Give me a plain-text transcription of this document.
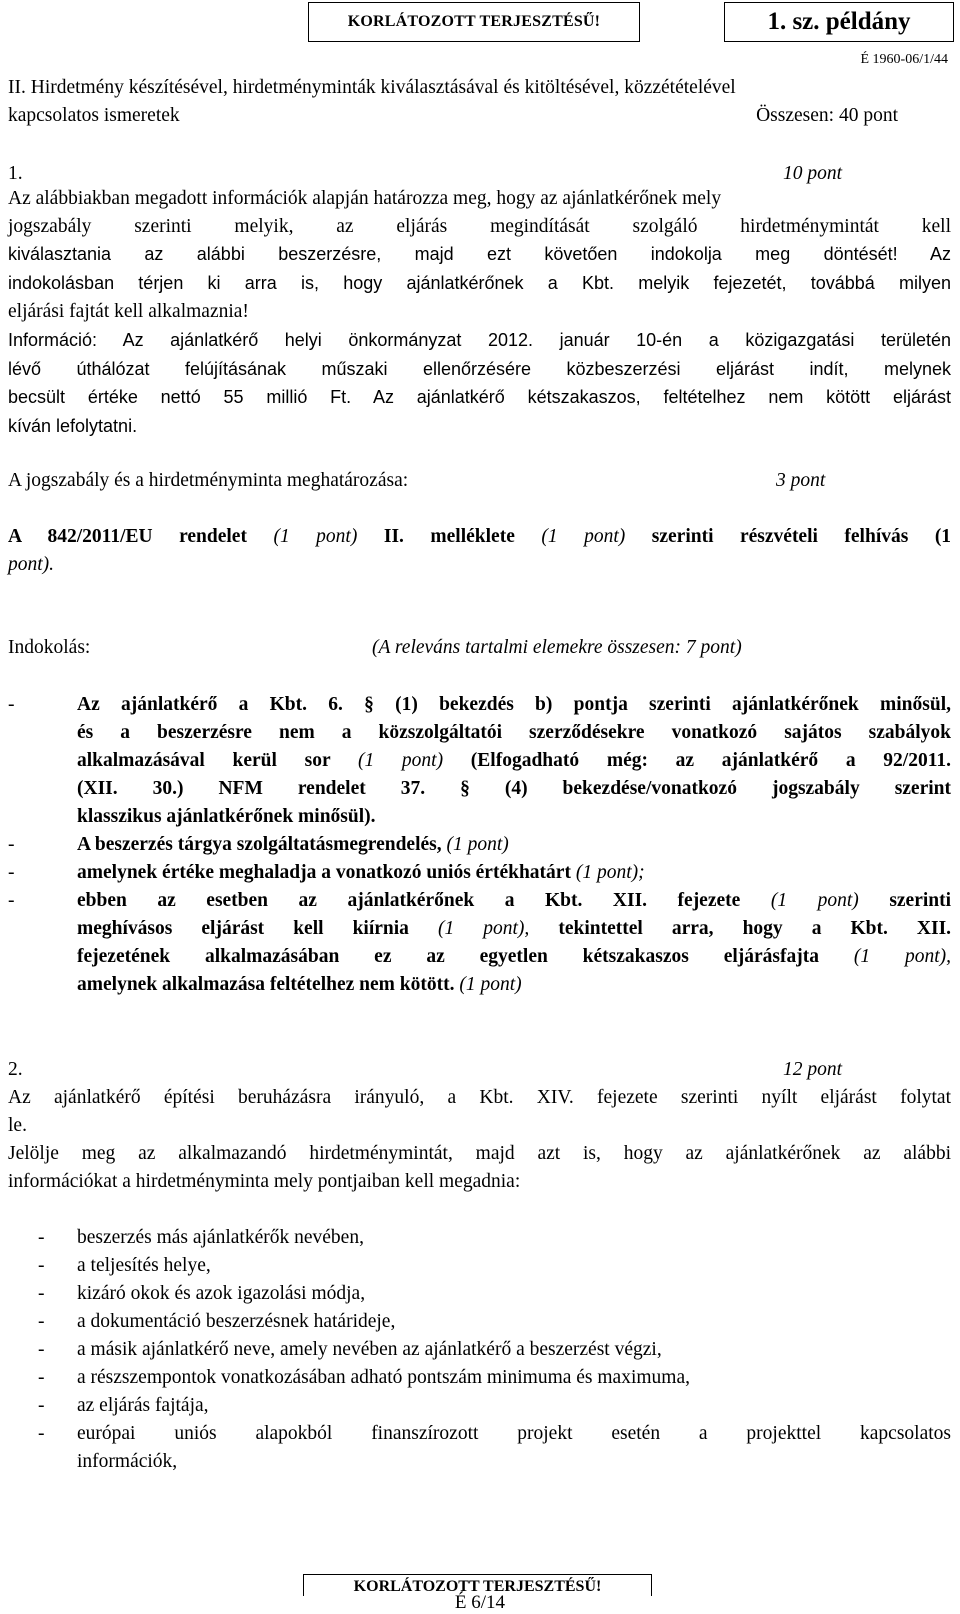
KORLÁTOZOTT TERJESZTÉSŰ!	1. sz. példány
É 1960-06/1/44
II. Hirdetmény készítésével, hirdetményminták kiválasztásával és kitöltésével, közzétételével
kapcsolatos ismeretek	Összesen: 40 pont
1.	10 pont
Az alábbiakban megadott információk alapján határozza meg, hogy az ajánlatkérőnek mely
jogszabály szerinti melyik, az eljárás megindítását szolgáló hirdetménymintát kell
kiválasztania az alábbi beszerzésre, majd ezt követően indokolja meg döntését! Az
indokolásban térjen ki arra is, hogy ajánlatkérőnek a Kbt. melyik fejezetét, továbbá milyen
eljárási fajtát kell alkalmaznia!
Információ: Az ajánlatkérő helyi önkormányzat 2012. január 10-én a közigazgatási területén
lévő úthálózat felújításának műszaki ellenőrzésére közbeszerzési eljárást indít, melynek
becsült értéke nettó 55 millió Ft. Az ajánlatkérő kétszakaszos, feltételhez nem kötött eljárást
kíván lefolytatni.
A jogszabály és a hirdetményminta meghatározása:	3 pont
A 842/2011/EU rendelet (1 pont) II. melléklete (1 pont) szerinti részvételi felhívás (1
pont).
Indokolás:	(A releváns tartalmi elemekre összesen: 7 pont)
-	Az ajánlatkérő a Kbt. 6. § (1) bekezdés b) pontja szerinti ajánlatkérőnek minősül,
és a beszerzésre nem a közszolgáltatói szerződésekre vonatkozó sajátos szabályok
alkalmazásával kerül sor (1 pont) (Elfogadható még: az ajánlatkérő a 92/2011.
(XII. 30.) NFM rendelet 37. § (4) bekezdése/vonatkozó jogszabály szerint
klasszikus ajánlatkérőnek minősül).
-	A beszerzés tárgya szolgáltatásmegrendelés, (1 pont)
-	amelynek értéke meghaladja a vonatkozó uniós értékhatárt (1 pont);
-	ebben az esetben az ajánlatkérőnek a Kbt. XII. fejezete (1 pont) szerinti
meghívásos eljárást kell kiírnia (1 pont), tekintettel arra, hogy a Kbt. XII.
fejezetének alkalmazásában ez az egyetlen kétszakaszos eljárásfajta (1 pont),
amelynek alkalmazása feltételhez nem kötött. (1 pont)
2.	12 pont
Az ajánlatkérő építési beruházásra irányuló, a Kbt. XIV. fejezete szerinti nyílt eljárást folytat
le.
Jelölje meg az alkalmazandó hirdetménymintát, majd azt is, hogy az ajánlatkérőnek az alábbi
információkat a hirdetményminta mely pontjaiban kell megadnia:
- beszerzés más ajánlatkérők nevében,
- a teljesítés helye,
- kizáró okok és azok igazolási módja,
- a dokumentáció beszerzésnek határideje,
- a másik ajánlatkérő neve, amely nevében az ajánlatkérő a beszerzést végzi,
- a részszempontok vonatkozásában adható pontszám minimuma és maximuma,
- az eljárás fajtája,
- európai uniós alapokból finanszírozott projekt esetén a projekttel kapcsolatos
információk,
KORLÁTOZOTT TERJESZTÉSŰ!
É 6/14
